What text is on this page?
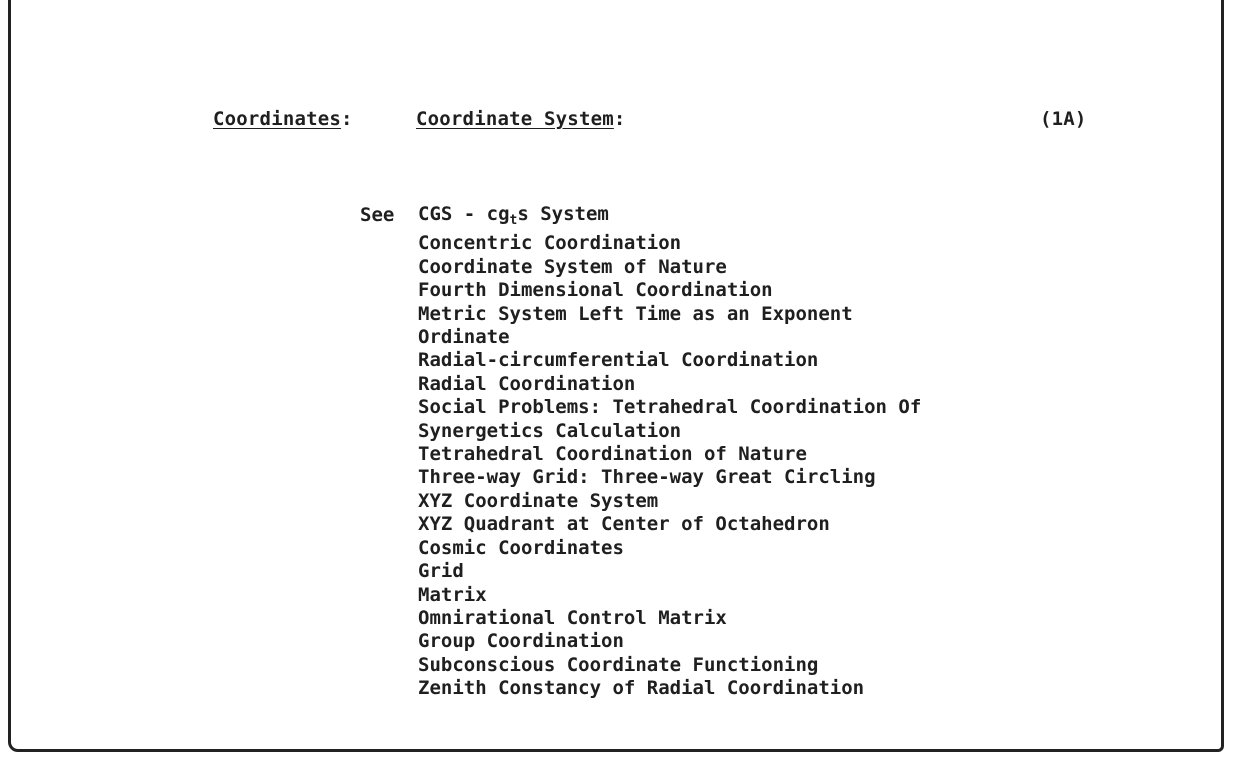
Coordinates:	Coordinate System:	(1A)
See CGS - $cg_ts$ System
Concentric Coordination
Coordinate System of Nature
Fourth Dimensional Coordination
Metric System Left Time as an Exponent
Ordinate
Radial-circumferential Coordination
Radial Coordination
Social Problems: Tetrahedral Coordination Of
Synergetics Calculation
Tetrahedral Coordination of Nature
Three-way Grid: Three-way Great Circling
XYZ Coordinate System
XYZ Quadrant at Center of Octahedron
Cosmic Coordinates
Grid
Matrix
Omnirational Control Matrix
Group Coordination
Subconscious Coordinate Functioning
Zenith Constancy of Radial Coordination
